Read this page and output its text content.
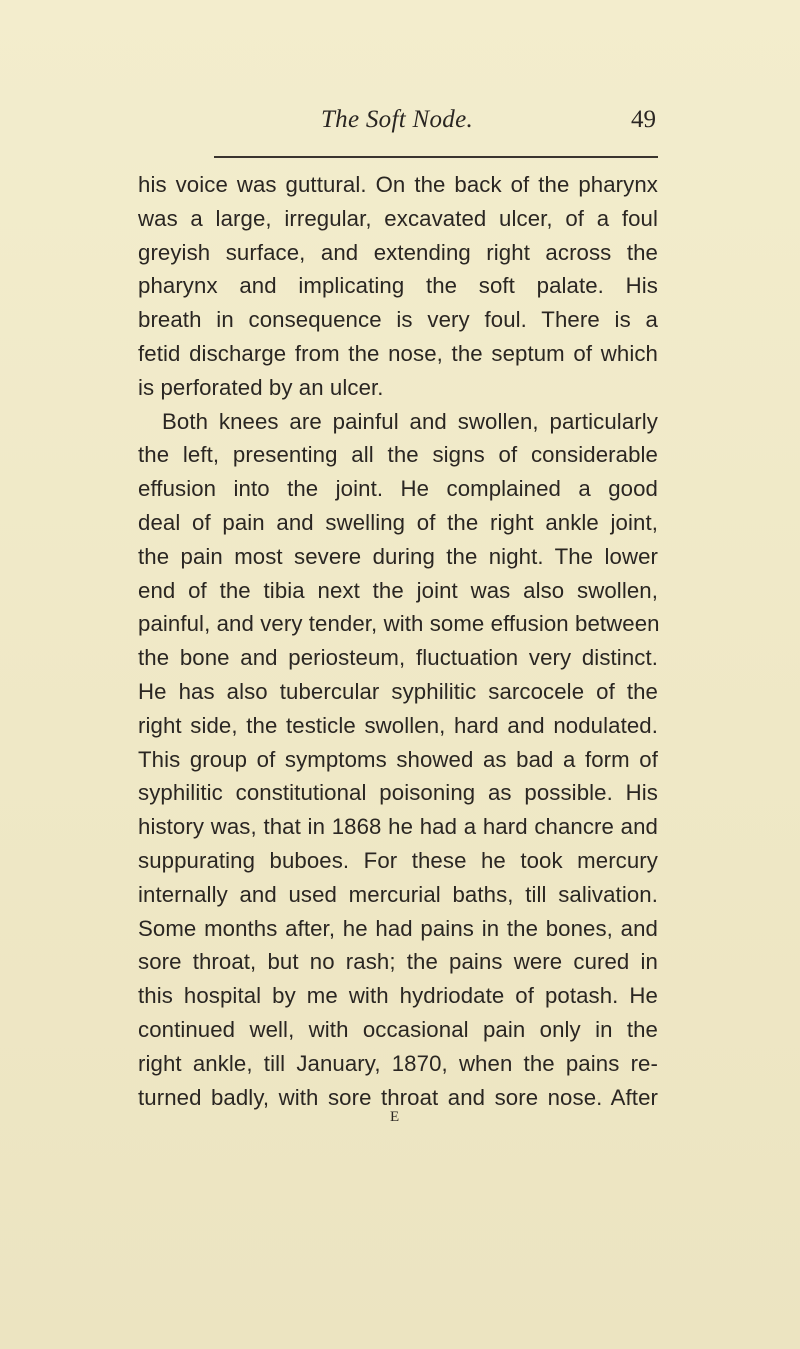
The Soft Node.	49
his voice was guttural. On the back of the pharynx
was a large, irregular, excavated ulcer, of a foul
greyish surface, and extending right across the
pharynx and implicating the soft palate. His
breath in consequence is very foul. There is a
fetid discharge from the nose, the septum of which
is perforated by an ulcer.
Both knees are painful and swollen, particularly
the left, presenting all the signs of considerable
effusion into the joint. He complained a good
deal of pain and swelling of the right ankle joint,
the pain most severe during the night. The lower
end of the tibia next the joint was also swollen,
painful, and very tender, with some effusion between
the bone and periosteum, fluctuation very distinct.
He has also tubercular syphilitic sarcocele of the
right side, the testicle swollen, hard and nodulated.
This group of symptoms showed as bad a form of
syphilitic constitutional poisoning as possible. His
history was, that in 1868 he had a hard chancre and
suppurating buboes. For these he took mercury
internally and used mercurial baths, till salivation.
Some months after, he had pains in the bones, and
sore throat, but no rash; the pains were cured in
this hospital by me with hydriodate of potash. He
continued well, with occasional pain only in the
right ankle, till January, 1870, when the pains re-
turned badly, with sore throat and sore nose. After
E
